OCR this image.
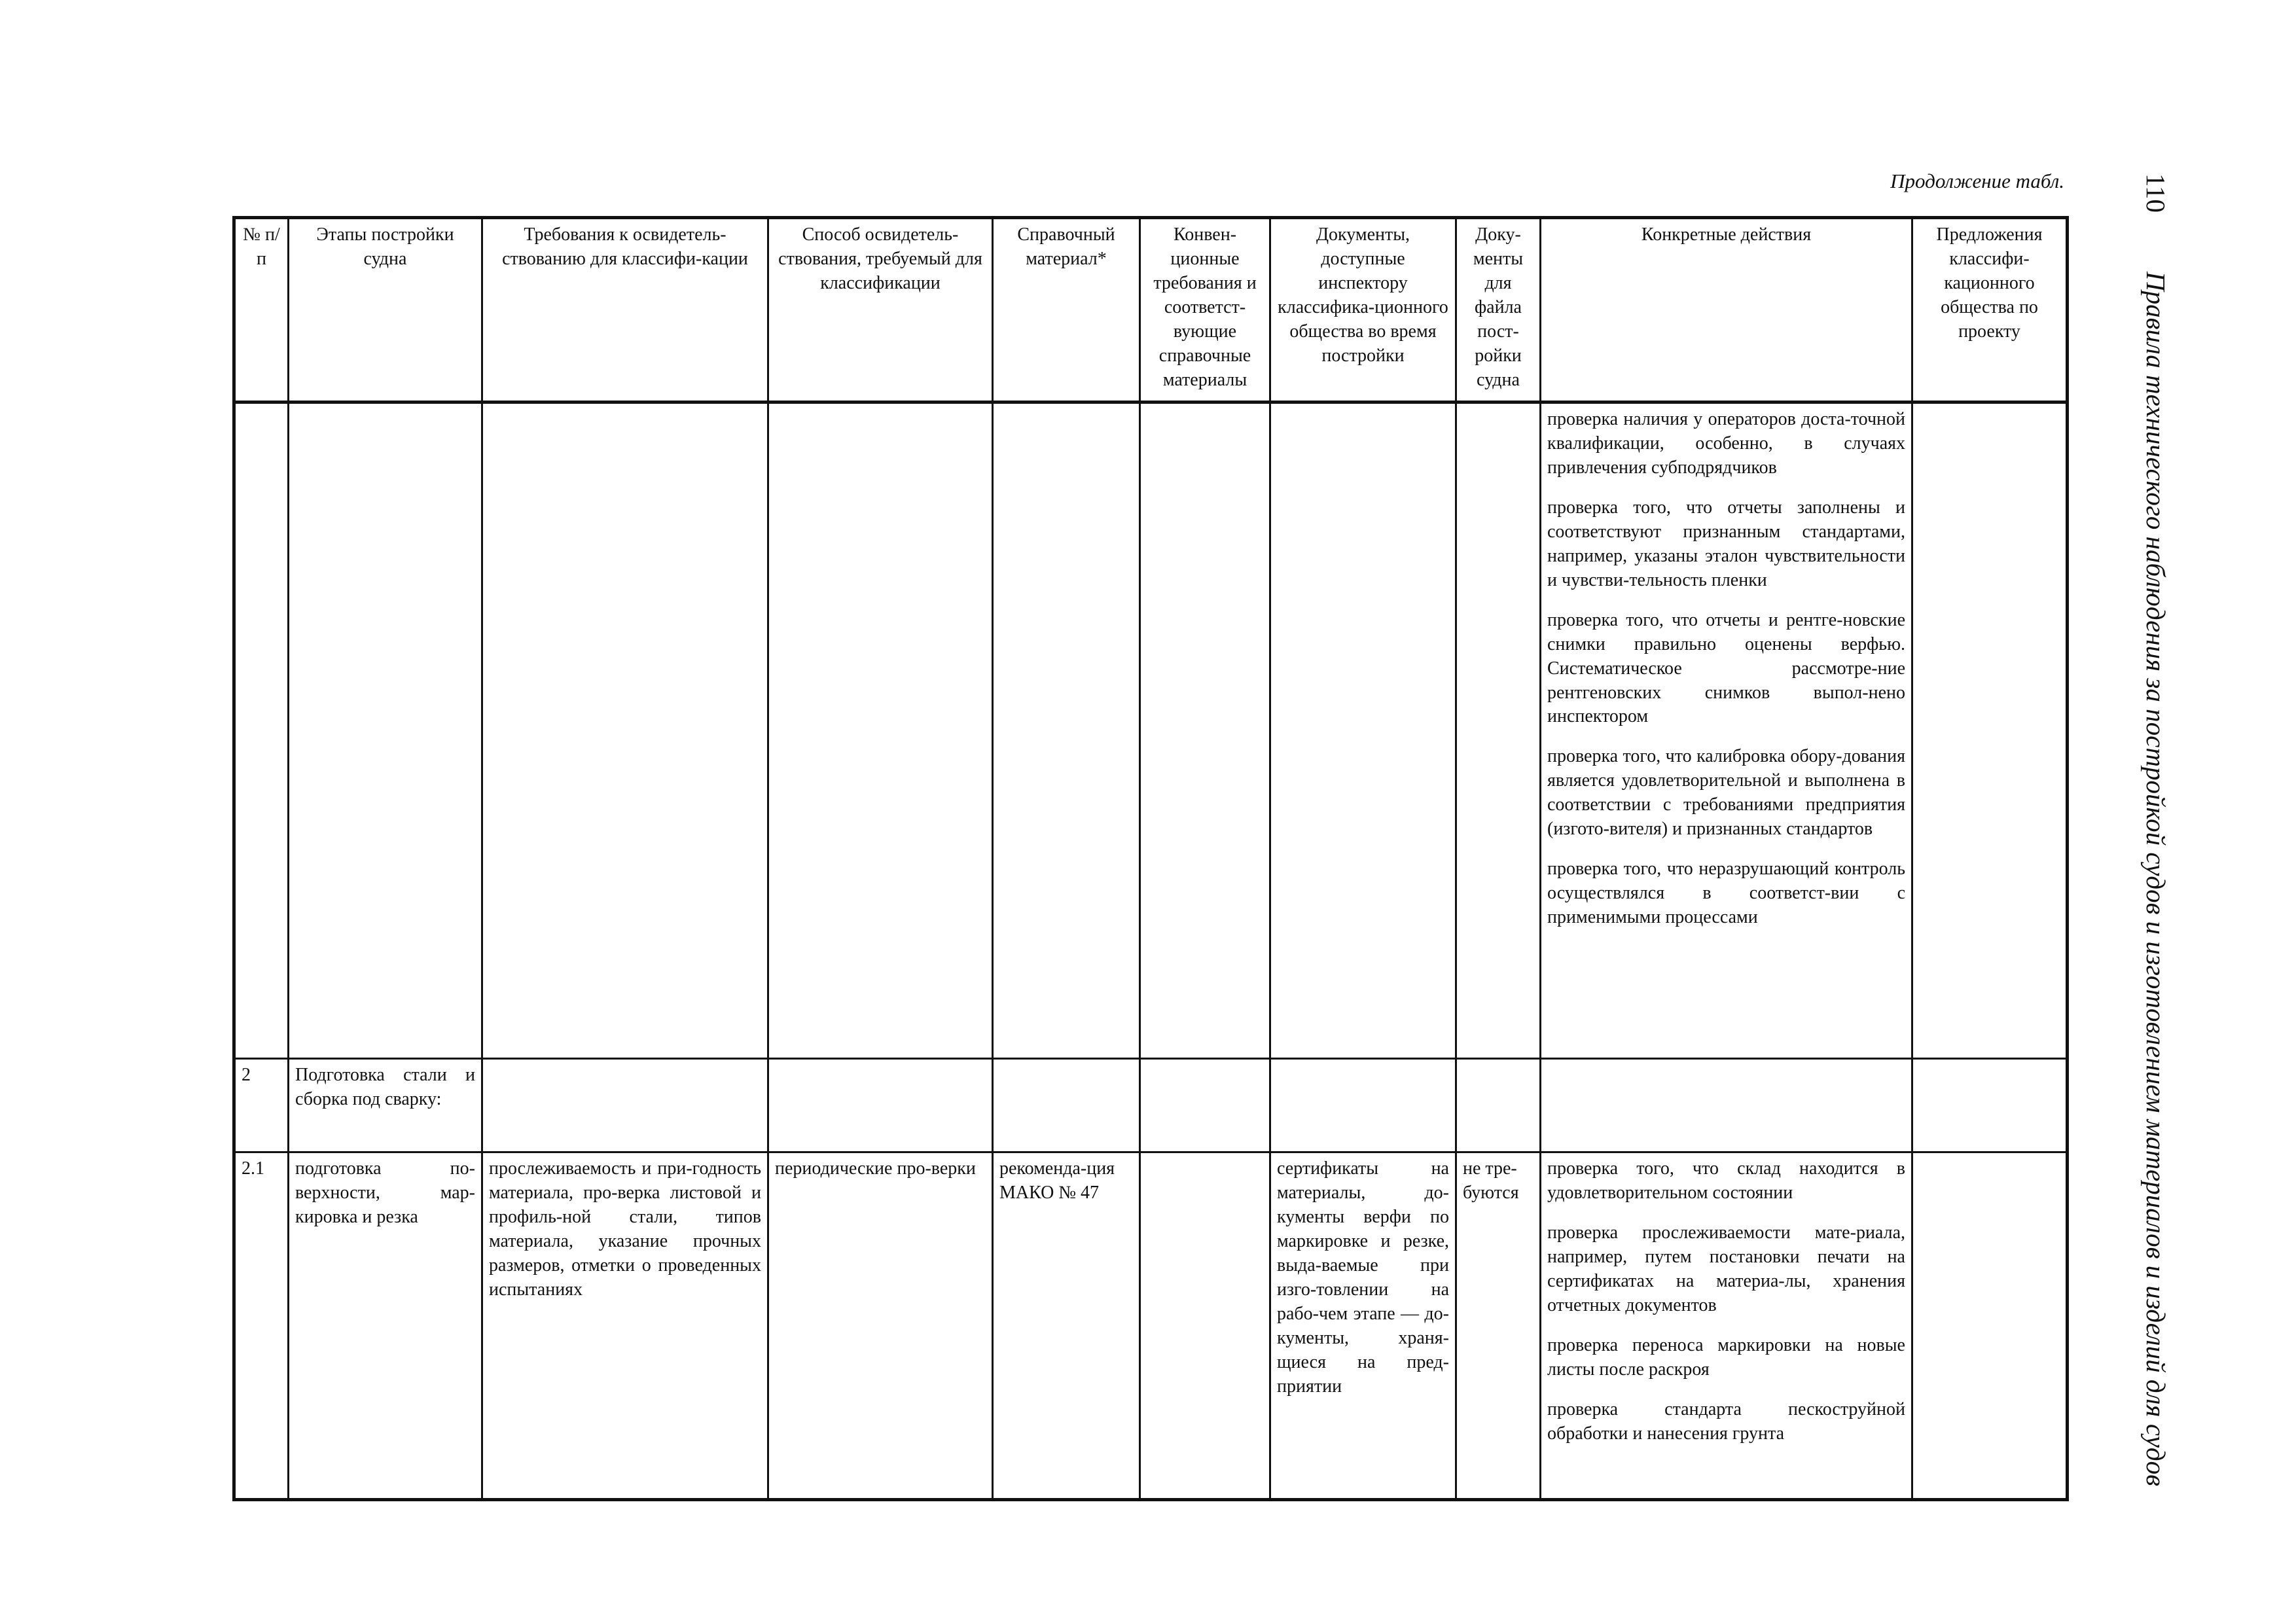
Продолжение табл.	110
Правила технического наблюдения за постройкой судов и изготовлением материалов и изделий для судов
№ п/п	Этапы постройки судна	Требования к освидетель-ствованию для классифи-кации	Способ освидетель-ствования, требуемый для классификации	Справочный материал*	Конвен-ционные требования и соответст-вующие справочные материалы	Документы, доступные инспектору классифика-ционного общества во время постройки	Доку-менты для файла пост-ройки судна	Конкретные действия	Предложения классифи-кационного общества по проекту

								проверка наличия у операторов доста-точной квалификации, особенно, в случаях привлечения субподрядчиков
проверка того, что отчеты заполнены и соответствуют признанным стандартами, например, указаны эталон чувствительности и чувстви-тельность пленки
проверка того, что отчеты и рентге-новские снимки правильно оценены верфью. Систематическое рассмотре-ние рентгеновских снимков выпол-нено инспектором
проверка того, что калибровка обору-дования является удовлетворительной и выполнена в соответствии с требованиями предприятия (изгото-вителя) и признанных стандартов
проверка того, что неразрушающий контроль осуществлялся в соответст-вии с применимыми процессами	

2	Подготовка стали и сборка под сварку:								
2.1	подготовка по-верхности, мар-кировка и резка	прослеживаемость и при-годность материала, про-верка листовой и профиль-ной стали, типов материала, указание прочных размеров, отметки о проведенных испытаниях	периодические про-верки	рекоменда-ция МАКО № 47		сертификаты на материалы, до-кументы верфи по маркировке и резке, выда-ваемые при изго-товлении на рабо-чем этапе — до-кументы, храня-щиеся на пред-приятии	не тре-буются	проверка того, что склад находится в удовлетворительном состоянии
проверка прослеживаемости мате-риала, например, путем постановки печати на сертификатах на материа-лы, хранения отчетных документов
проверка переноса маркировки на новые листы после раскроя
проверка стандарта пескоструйной обработки и нанесения грунта	
